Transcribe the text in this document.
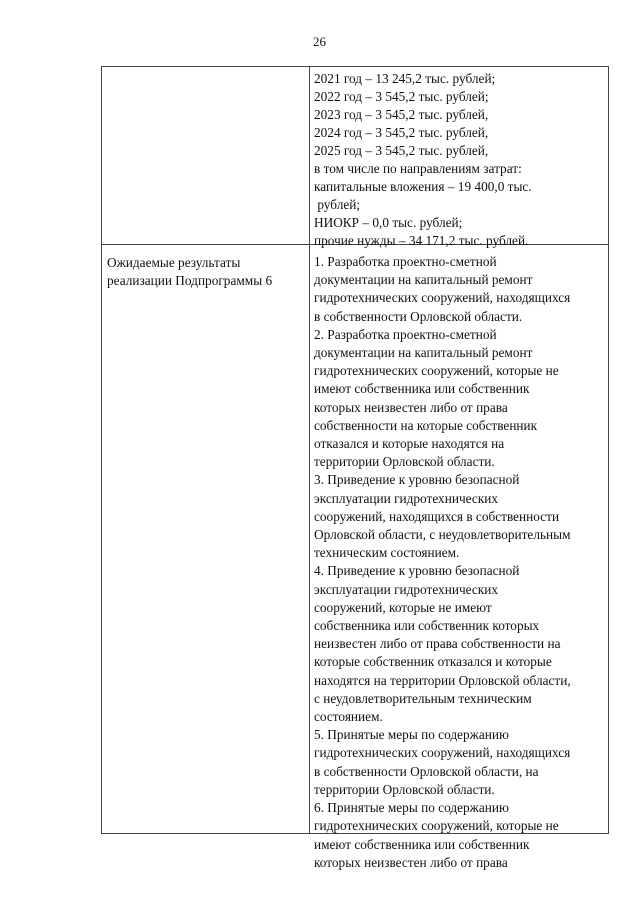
26
2021 год – 13 245,2 тыс. рублей;
2022 год – 3 545,2 тыс. рублей;
2023 год – 3 545,2 тыс. рублей,
2024 год – 3 545,2 тыс. рублей,
2025 год – 3 545,2 тыс. рублей,
в том числе по направлениям затрат:
капитальные вложения – 19 400,0 тыс.
рублей;
НИОКР – 0,0 тыс. рублей;
прочие нужды – 34 171,2 тыс. рублей.
Ожидаемые результаты
реализации Подпрограммы 6
1. Разработка проектно-сметной
документации на капитальный ремонт
гидротехнических сооружений, находящихся
в собственности Орловской области.
2. Разработка проектно-сметной
документации на капитальный ремонт
гидротехнических сооружений, которые не
имеют собственника или собственник
которых неизвестен либо от права
собственности на которые собственник
отказался и которые находятся на
территории Орловской области.
3. Приведение к уровню безопасной
эксплуатации гидротехнических
сооружений, находящихся в собственности
Орловской области, с неудовлетворительным
техническим состоянием.
4. Приведение к уровню безопасной
эксплуатации гидротехнических
сооружений, которые не имеют
собственника или собственник которых
неизвестен либо от права собственности на
которые собственник отказался и которые
находятся на территории Орловской области,
с неудовлетворительным техническим
состоянием.
5. Принятые меры по содержанию
гидротехнических сооружений, находящихся
в собственности Орловской области, на
территории Орловской области.
6. Принятые меры по содержанию
гидротехнических сооружений, которые не
имеют собственника или собственник
которых неизвестен либо от права
